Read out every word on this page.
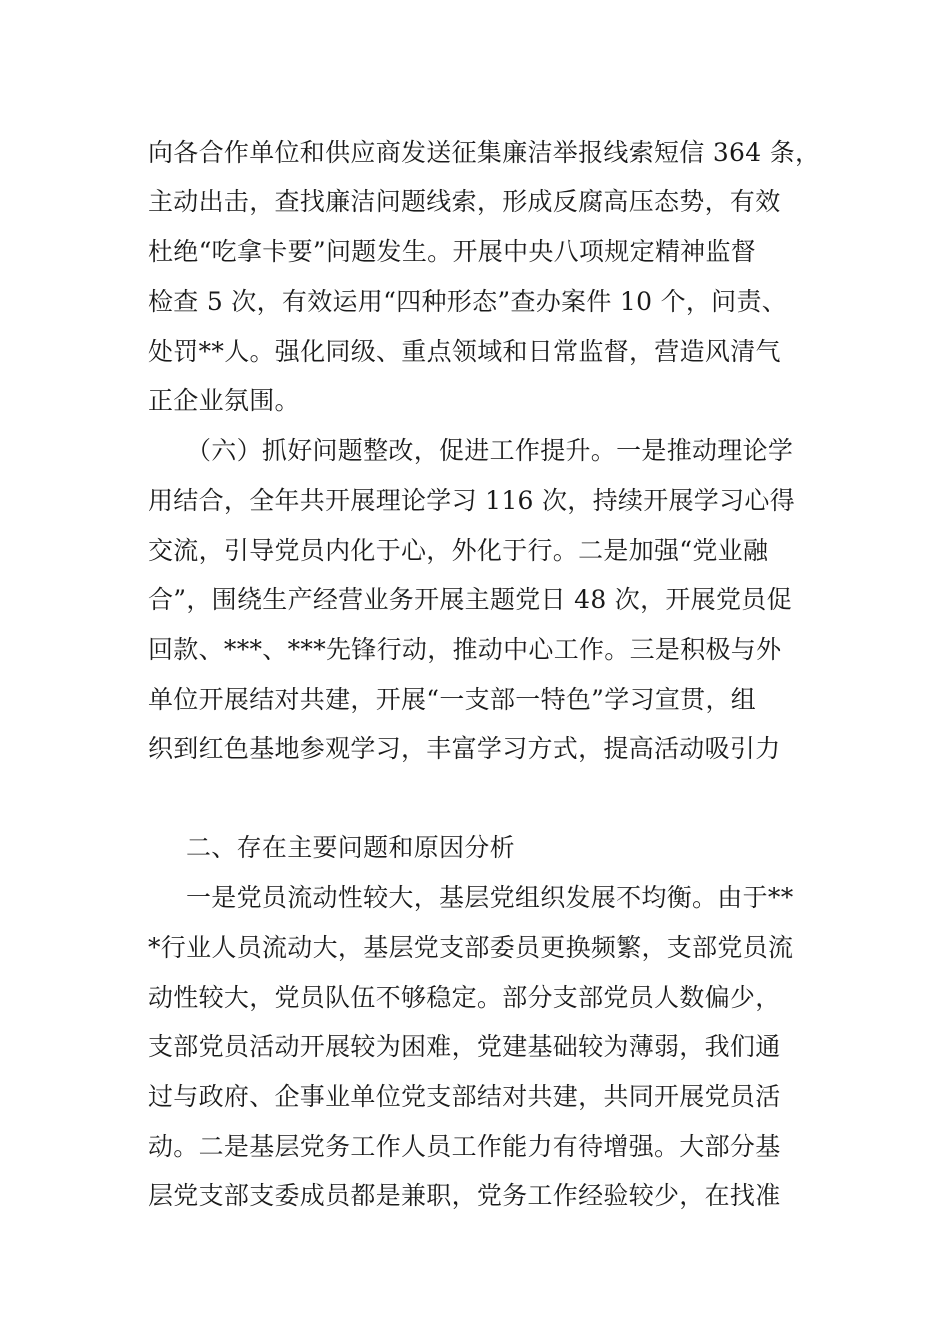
向各合作单位和供应商发送征集廉洁举报线索短信 364 条，
主动出击，查找廉洁问题线索，形成反腐高压态势，有效
杜绝“吃拿卡要”问题发生。开展中央八项规定精神监督
检查 5 次，有效运用“四种形态”查办案件 10 个，问责、
处罚**人。强化同级、重点领域和日常监督，营造风清气
正企业氛围。
（六）抓好问题整改，促进工作提升。一是推动理论学
用结合，全年共开展理论学习 116 次，持续开展学习心得
交流，引导党员内化于心，外化于行。二是加强“党业融
合”，围绕生产经营业务开展主题党日 48 次，开展党员促
回款、***、***先锋行动，推动中心工作。三是积极与外
单位开展结对共建，开展“一支部一特色”学习宣贯，组
织到红色基地参观学习，丰富学习方式，提高活动吸引力
二、存在主要问题和原因分析
一是党员流动性较大，基层党组织发展不均衡。由于**
*行业人员流动大，基层党支部委员更换频繁，支部党员流
动性较大，党员队伍不够稳定。部分支部党员人数偏少，
支部党员活动开展较为困难，党建基础较为薄弱，我们通
过与政府、企事业单位党支部结对共建，共同开展党员活
动。二是基层党务工作人员工作能力有待增强。大部分基
层党支部支委成员都是兼职，党务工作经验较少，在找准
